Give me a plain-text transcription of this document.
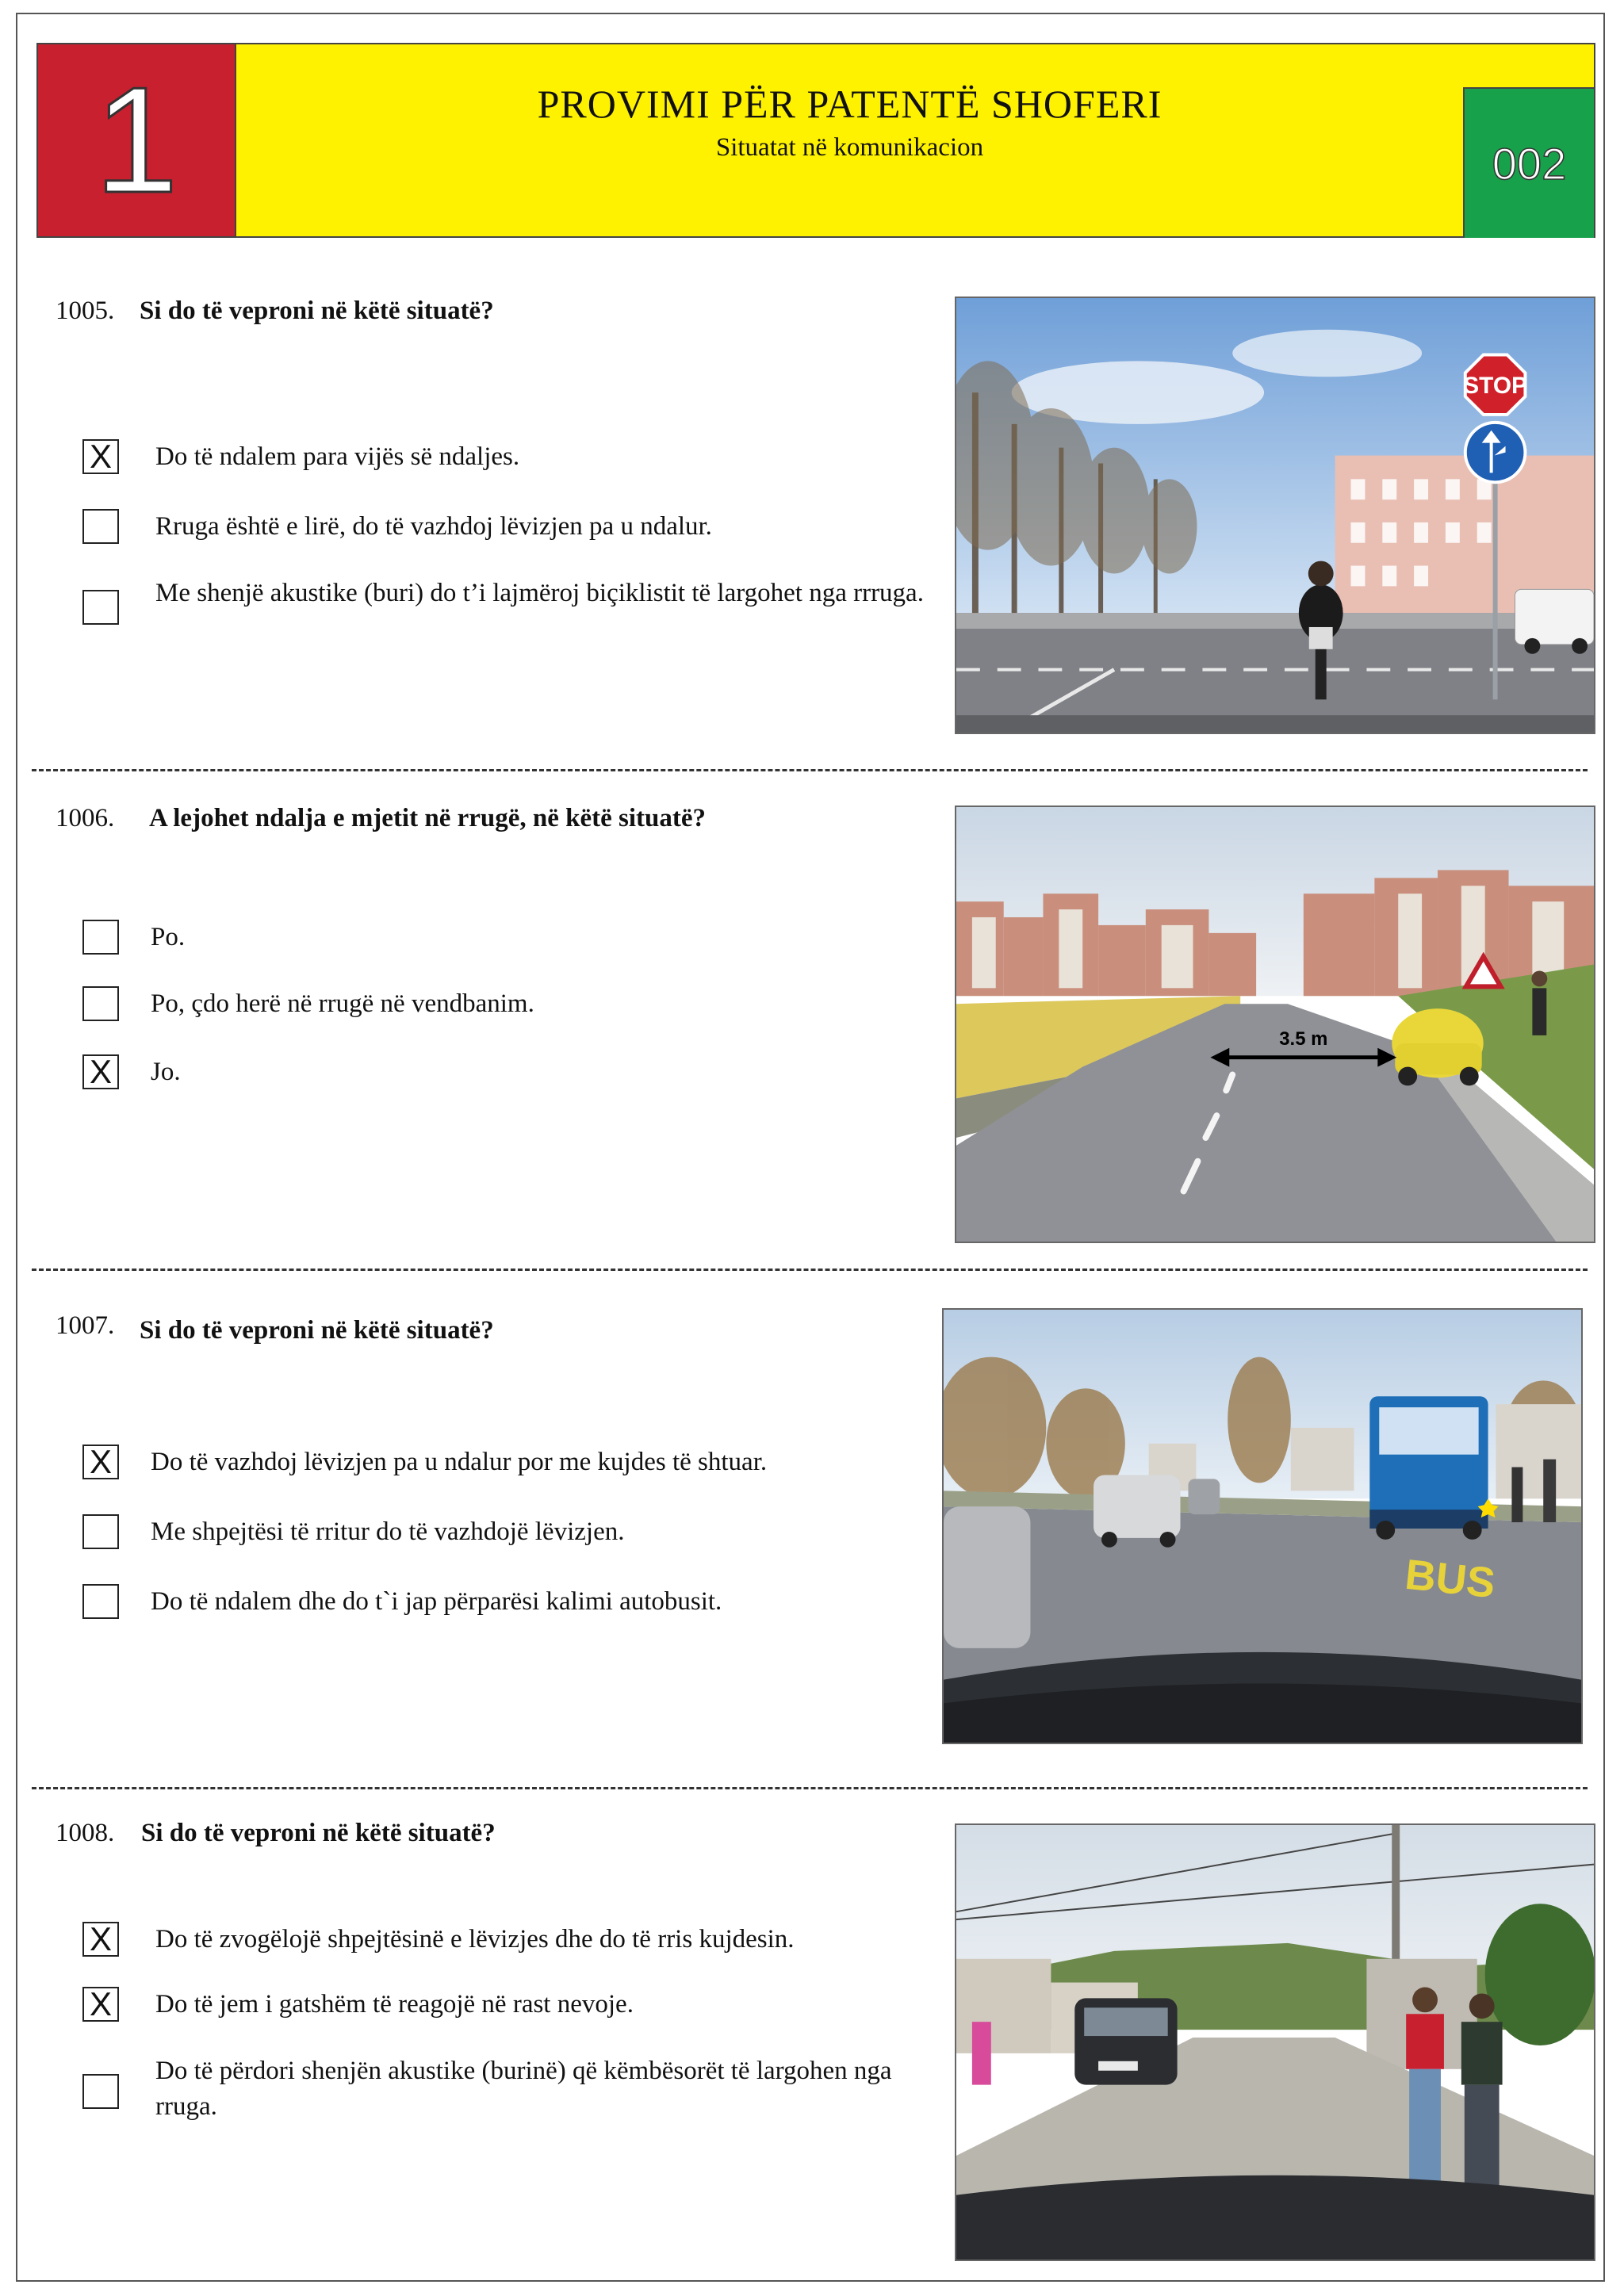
1	PROVIMI PËR PATENTË SHOFERI
Situatat në komunikacion	002
1005. Si do të veproni në këtë situatë?
X Do të ndalem para vijës së ndaljes.
Rruga është e lirë, do të vazhdoj lëvizjen pa u ndalur.
Me shenjë akustike (buri) do t’i lajmëroj biçiklistit të largohet nga rrruga.
STOP
1006. A lejohet ndalja e mjetit në rrugë, në këtë situatë?
Po.
Po, çdo herë në rrugë në vendbanim.
X Jo.
3.5 m
1007. Si do të veproni në këtë situatë?
X Do të vazhdoj lëvizjen pa u ndalur por me kujdes të shtuar.
Me shpejtësi të rritur do të vazhdojë lëvizjen.
Do të ndalem dhe do t`i jap përparësi kalimi autobusit.	BUS
1008. Si do të veproni në këtë situatë?
X Do të zvogëlojë shpejtësinë e lëvizjes dhe do të rris kujdesin.
X Do të jem i gatshëm të reagojë në rast nevoje.
Do të përdori shenjën akustike (burinë) që këmbësorët të largohen nga rruga.
